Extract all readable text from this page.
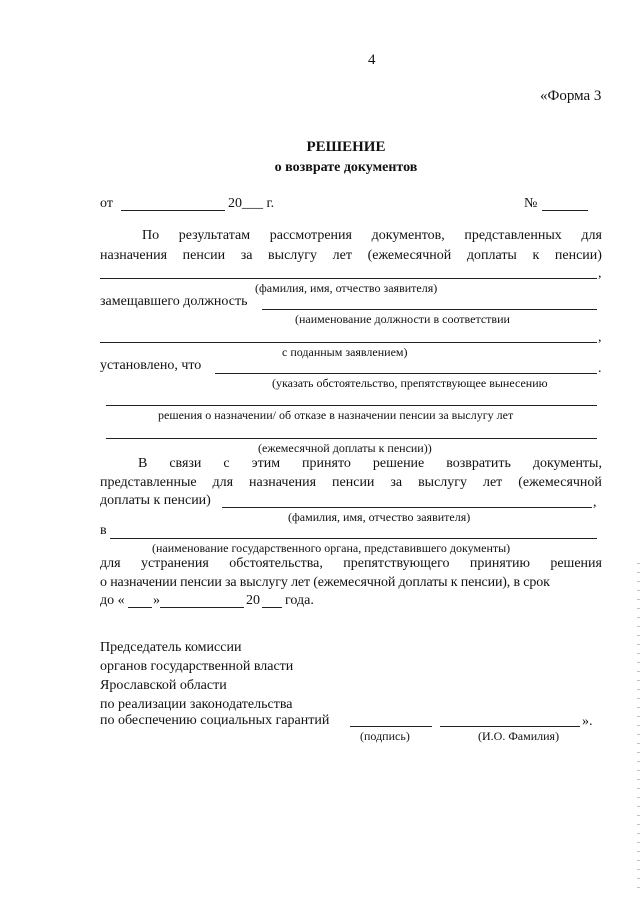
4
«Форма 3
РЕШЕНИЕ
о возврате документов
от	20___ г.	№
По результатам рассмотрения документов, представленных для
назначения пенсии за выслугу лет (ежемесячной доплаты к пенсии)
,
(фамилия, имя, отчество заявителя)
замещавшего должность
(наименование должности в соответствии
,
с поданным заявлением)
установлено, что	.
(указать обстоятельство, препятствующее вынесению
решения о назначении/ об отказе в назначении пенсии за выслугу лет
(ежемесячной доплаты к пенсии))
В связи с этим принято решение возвратить документы,
представленные для назначения пенсии за выслугу лет (ежемесячной
доплаты к пенсии)	,
(фамилия, имя, отчество заявителя)
в
(наименование государственного органа, представившего документы)
для устранения обстоятельства, препятствующего принятию решения
о назначении пенсии за выслугу лет (ежемесячной доплаты к пенсии), в срок
до « »	20 года.
Председатель комиссии
органов государственной власти
Ярославской области
по реализации законодательства
по обеспечению социальных гарантий	».
(подпись)	(И.О. Фамилия)
